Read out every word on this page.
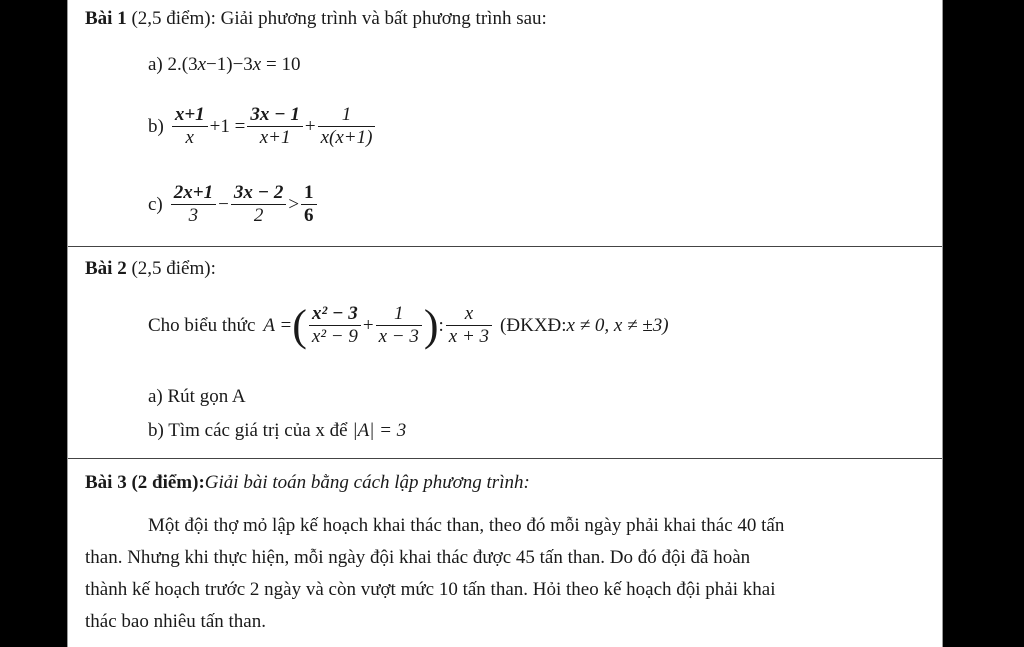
Bài 1 (2,5 điểm): Giải phương trình và bất phương trình sau:
a) 2.(3x−1)−3x = 10
$b) \frac{x+1}{x} +1 = \frac{3x - 1}{x+1} + \frac{1}{x(x+1)}$
$c) \frac{2x+1}{3} - \frac{3x - 2}{2} > \frac{1}{6}$
Bài 2 (2,5 điểm):
Cho biểu thức A = ( $\frac{\text{x² − 3}}{\text{x² − 9}} + \frac{1}{x - 3}$ ) : $\frac{x}{x + 3}$ (ĐKXĐ: x ≠ 0, x ≠ ±3)
a) Rút gọn A
b) Tìm các giá trị của x để |A| = 3
Bài 3 (2 điểm):Giải bài toán bằng cách lập phương trình:
Một đội thợ mỏ lập kế hoạch khai thác than, theo đó mỗi ngày phải khai thác 40 tấn
than. Nhưng khi thực hiện, mỗi ngày đội khai thác được 45 tấn than. Do đó đội đã hoàn
thành kế hoạch trước 2 ngày và còn vượt mức 10 tấn than. Hỏi theo kế hoạch đội phải khai
thác bao nhiêu tấn than.
